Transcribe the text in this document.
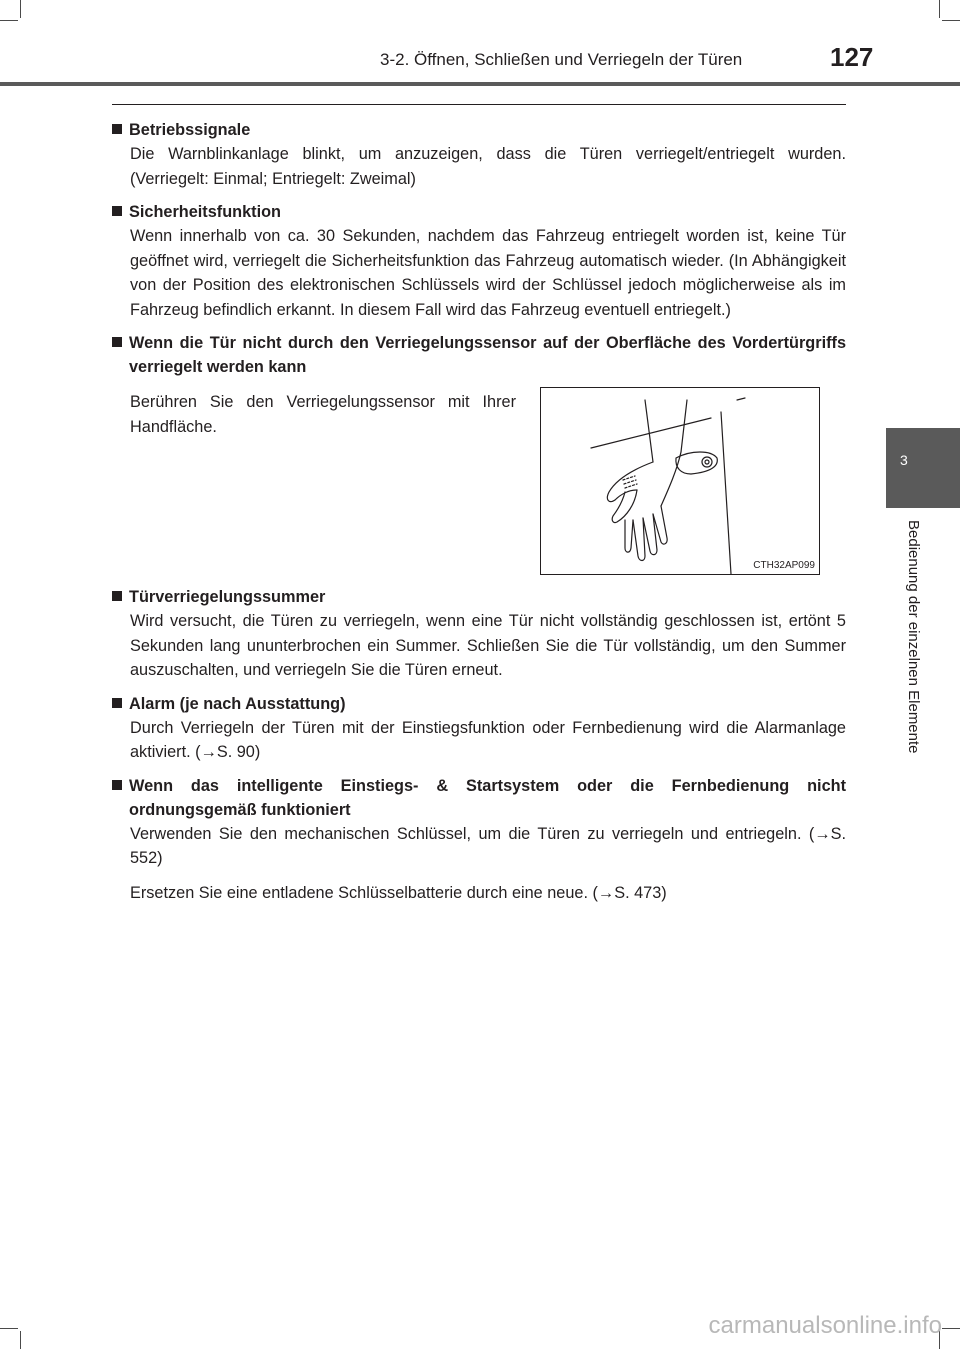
3-2. Öffnen, Schließen und Verriegeln der Türen	127
3
Bedienung der einzelnen Elemente
Betriebssignale
Die Warnblinkanlage blinkt, um anzuzeigen, dass die Türen verriegelt/entriegelt wurden. (Verriegelt: Einmal; Entriegelt: Zweimal)
Sicherheitsfunktion
Wenn innerhalb von ca. 30 Sekunden, nachdem das Fahrzeug entriegelt worden ist, keine Tür geöffnet wird, verriegelt die Sicherheitsfunktion das Fahrzeug automatisch wieder. (In Abhängigkeit von der Position des elektronischen Schlüssels wird der Schlüssel jedoch möglicherweise als im Fahrzeug befindlich erkannt. In diesem Fall wird das Fahrzeug eventuell entriegelt.)
Wenn die Tür nicht durch den Verriegelungssensor auf der Oberfläche des Vordertürgriffs verriegelt werden kann
Berühren Sie den Verriegelungssensor mit Ihrer Handfläche.
CTH32AP099
Türverriegelungssummer
Wird versucht, die Türen zu verriegeln, wenn eine Tür nicht vollständig geschlossen ist, ertönt 5 Sekunden lang ununterbrochen ein Summer. Schließen Sie die Tür vollständig, um den Summer auszuschalten, und verriegeln Sie die Türen erneut.
Alarm (je nach Ausstattung)
Durch Verriegeln der Türen mit der Einstiegsfunktion oder Fernbedienung wird die Alarmanlage aktiviert. (→S. 90)
Wenn das intelligente Einstiegs- & Startsystem oder die Fernbedienung nicht ordnungsgemäß funktioniert
Verwenden Sie den mechanischen Schlüssel, um die Türen zu verriegeln und entriegeln. (→S. 552)
Ersetzen Sie eine entladene Schlüsselbatterie durch eine neue. (→S. 473)
carmanualsonline.info
